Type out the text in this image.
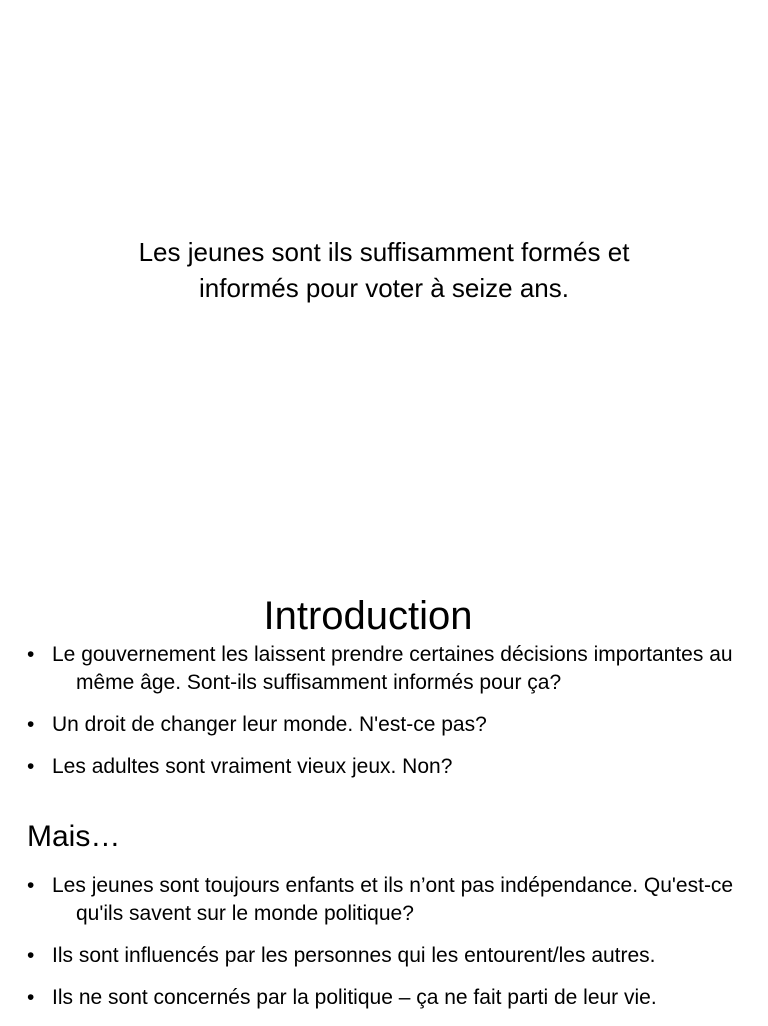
Les jeunes sont ils suffisamment formés et
informés pour voter à seize ans.
Introduction
• Le gouvernement les laissent prendre certaines décisions importantes au même âge. Sont-ils suffisamment informés pour ça?
• Un droit de changer leur monde. N'est-ce pas?
• Les adultes sont vraiment vieux jeux. Non?
Mais…
• Les jeunes sont toujours enfants et ils n’ont pas indépendance. Qu'est-ce qu'ils savent sur le monde politique?
• Ils sont influencés par les personnes qui les entourent/les autres.
• Ils ne sont concernés par la politique – ça ne fait parti de leur vie.
